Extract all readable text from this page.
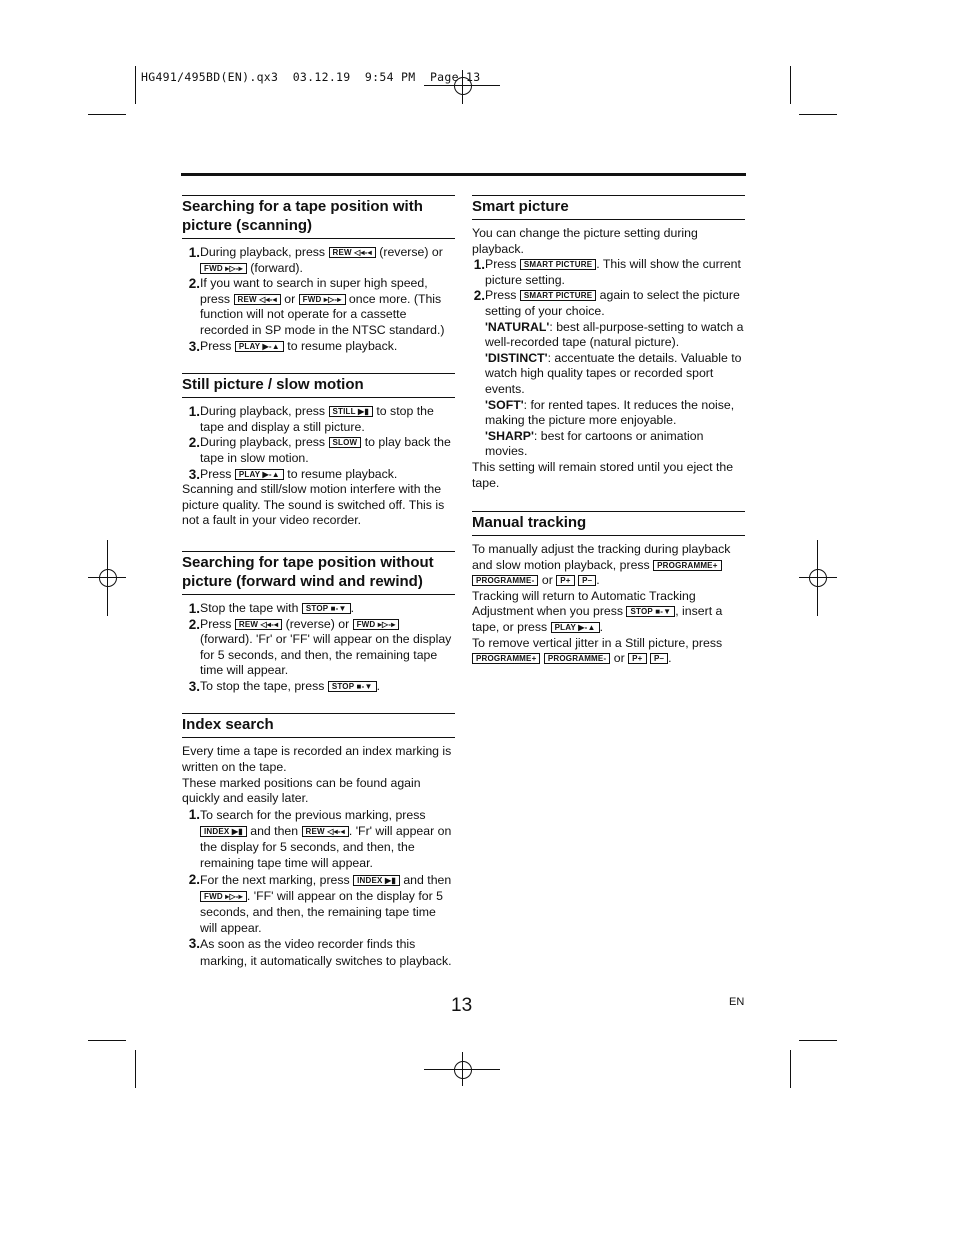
HG491/495BD(EN).qx3  03.12.19  9:54 PM  Page 13
Searching for a tape position with picture (scanning)
1. During playback, press REW ◁◂-◂ (reverse) or FWD ▸▷-▸ (forward).
2. If you want to search in super high speed, press REW ◁◂-◂ or FWD ▸▷-▸ once more. (This function will not operate for a cassette recorded in SP mode in the NTSC standard.)
3. Press PLAY ▶-▲ to resume playback.
Still picture / slow motion
1. During playback, press STILL ▶▮ to stop the tape and display a still picture.
2. During playback, press SLOW to play back the tape in slow motion.
3. Press PLAY ▶-▲ to resume playback.

Scanning and still/slow motion interfere with the picture quality. The sound is switched off. This is not a fault in your video recorder.

Searching for tape position without picture (forward wind and rewind)
1. Stop the tape with STOP ■-▼ .
2. Press REW ◁◂-◂ (reverse) or FWD ▸▷-▸ (forward). 'Fr' or 'FF' will appear on the display for 5 seconds, and then, the remaining tape time will appear.
3. To stop the tape, press STOP ■-▼ .
Index search

Every time a tape is recorded an index marking is written on the tape.

These marked positions can be found again quickly and easily later.

1. To search for the previous marking, press INDEX ▶▮ and then REW ◁◂-◂ . 'Fr' will appear on the display for 5 seconds, and then, the remaining tape time will appear.
2. For the next marking, press INDEX ▶▮ and then FWD ▸▷-▸ . 'FF' will appear on the display for 5 seconds, and then, the remaining tape time will appear.
3. As soon as the video recorder finds this marking, it automatically switches to playback.
Smart picture

You can change the picture setting during playback.

1. Press SMART PICTURE . This will show the current picture setting.
2. Press SMART PICTURE again to select the picture setting of your choice.
'NATURAL': best all-purpose-setting to watch a well-recorded tape (natural picture).
'DISTINCT': accentuate the details. Valuable to watch high quality tapes or recorded sport events.
'SOFT': for rented tapes. It reduces the noise, making the picture more enjoyable.
'SHARP': best for cartoons or animation movies.

This setting will remain stored until you eject the tape.

Manual tracking

To manually adjust the tracking during playback and slow motion playback, press PROGRAMME+ PROGRAMME- or P+ P– .

Tracking will return to Automatic Tracking Adjustment when you press STOP ■-▼ , insert a tape, or press PLAY ▶-▲ .

To remove vertical jitter in a Still picture, press PROGRAMME+ PROGRAMME- or P+ P– .

13	EN
